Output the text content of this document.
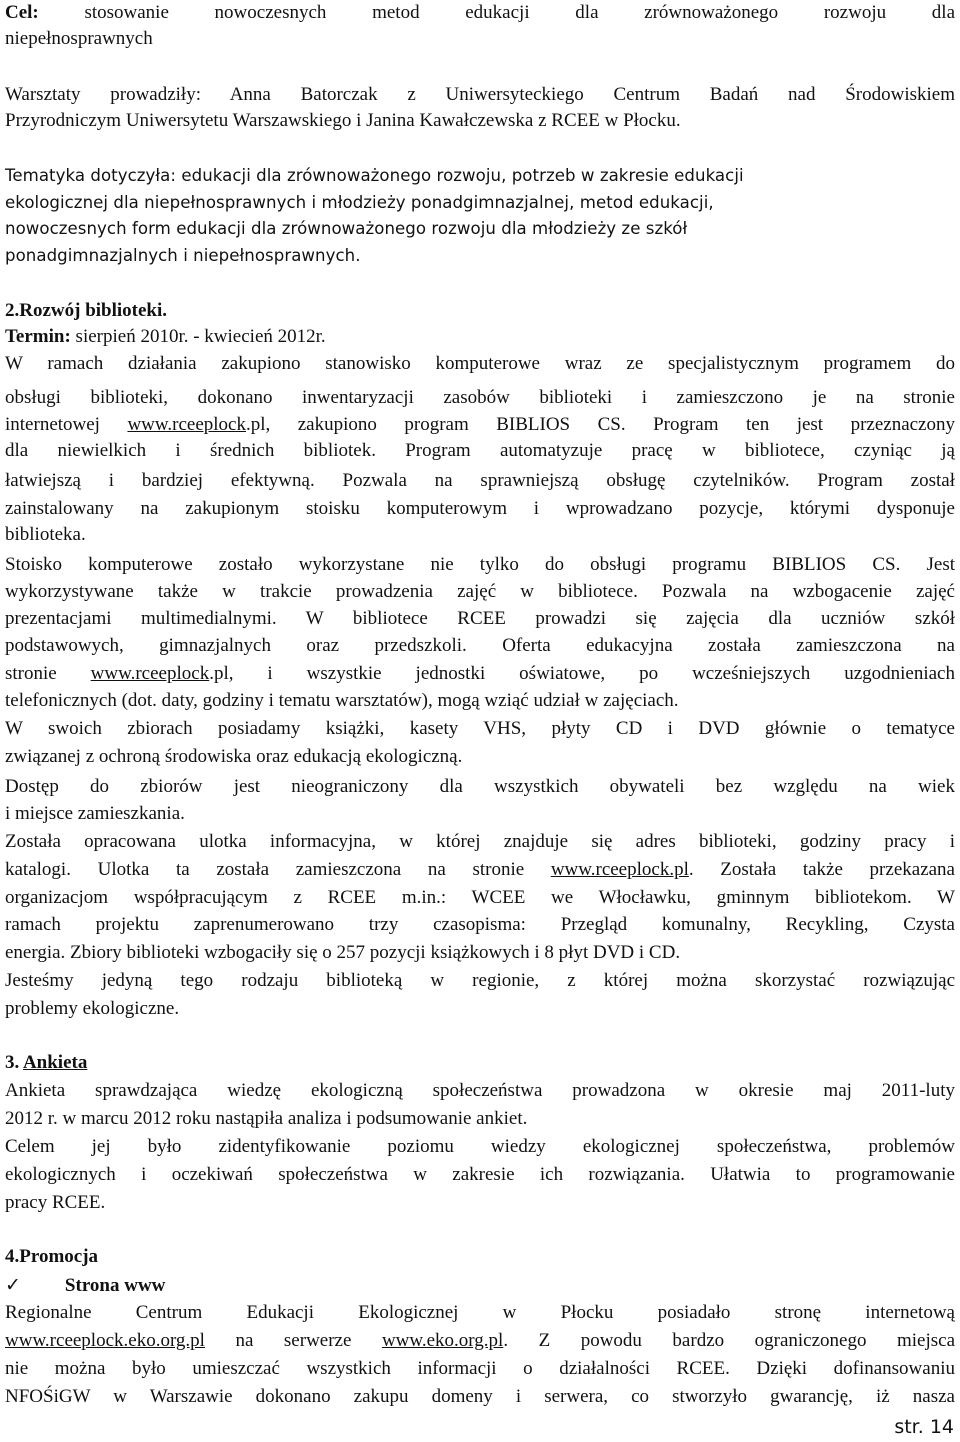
Cel: stosowanie nowoczesnych metod edukacji dla zrównoważonego rozwoju dla
niepełnosprawnych
Warsztaty prowadziły: Anna Batorczak z Uniwersyteckiego Centrum Badań nad Środowiskiem
Przyrodniczym Uniwersytetu Warszawskiego i Janina Kawałczewska z RCEE w Płocku.
Tematyka dotyczyła: edukacji dla zrównoważonego rozwoju, potrzeb w zakresie edukacji
ekologicznej dla niepełnosprawnych i młodzieży ponadgimnazjalnej, metod edukacji,
nowoczesnych form edukacji dla zrównoważonego rozwoju dla młodzieży ze szkół
ponadgimnazjalnych i niepełnosprawnych.
2.Rozwój biblioteki.
Termin: sierpień 2010r. - kwiecień 2012r.
W ramach działania zakupiono stanowisko komputerowe wraz ze specjalistycznym programem do
obsługi biblioteki, dokonano inwentaryzacji zasobów biblioteki i zamieszczono je na stronie
internetowej www.rceeplock.pl, zakupiono program BIBLIOS CS. Program ten jest przeznaczony
dla niewielkich i średnich bibliotek. Program automatyzuje pracę w bibliotece, czyniąc ją
łatwiejszą i bardziej efektywną. Pozwala na sprawniejszą obsługę czytelników. Program został
zainstalowany na zakupionym stoisku komputerowym i wprowadzano pozycje, którymi dysponuje
biblioteka.
Stoisko komputerowe zostało wykorzystane nie tylko do obsługi programu BIBLIOS CS. Jest
wykorzystywane także w trakcie prowadzenia zajęć w bibliotece. Pozwala na wzbogacenie zajęć
prezentacjami multimedialnymi. W bibliotece RCEE prowadzi się zajęcia dla uczniów szkół
podstawowych, gimnazjalnych oraz przedszkoli. Oferta edukacyjna została zamieszczona na
stronie www.rceeplock.pl, i wszystkie jednostki oświatowe, po wcześniejszych uzgodnieniach
telefonicznych (dot. daty, godziny i tematu warsztatów), mogą wziąć udział w zajęciach.
W swoich zbiorach posiadamy książki, kasety VHS, płyty CD i DVD głównie o tematyce
związanej z ochroną środowiska oraz edukacją ekologiczną.
Dostęp do zbiorów jest nieograniczony dla wszystkich obywateli bez względu na wiek
i miejsce zamieszkania.
Została opracowana ulotka informacyjna, w której znajduje się adres biblioteki, godziny pracy i
katalogi. Ulotka ta została zamieszczona na stronie www.rceeplock.pl. Została także przekazana
organizacjom współpracującym z RCEE m.in.: WCEE we Włocławku, gminnym bibliotekom. W
ramach projektu zaprenumerowano trzy czasopisma: Przegląd komunalny, Recykling, Czysta
energia. Zbiory biblioteki wzbogaciły się o 257 pozycji książkowych i 8 płyt DVD i CD.
Jesteśmy jedyną tego rodzaju biblioteką w regionie, z której można skorzystać rozwiązując
problemy ekologiczne.
3. Ankieta
Ankieta sprawdzająca wiedzę ekologiczną społeczeństwa prowadzona w okresie maj 2011-luty
2012 r. w marcu 2012 roku nastąpiła analiza i podsumowanie ankiet.
Celem jej było zidentyfikowanie poziomu wiedzy ekologicznej społeczeństwa, problemów
ekologicznych i oczekiwań społeczeństwa w zakresie ich rozwiązania. Ułatwia to programowanie
pracy RCEE.
4.Promocja
✓ Strona www
Regionalne Centrum Edukacji Ekologicznej w Płocku posiadało stronę internetową
www.rceeplock.eko.org.pl na serwerze www.eko.org.pl. Z powodu bardzo ograniczonego miejsca
nie można było umieszczać wszystkich informacji o działalności RCEE. Dzięki dofinansowaniu
NFOŚiGW w Warszawie dokonano zakupu domeny i serwera, co stworzyło gwarancję, iż nasza
str. 14
